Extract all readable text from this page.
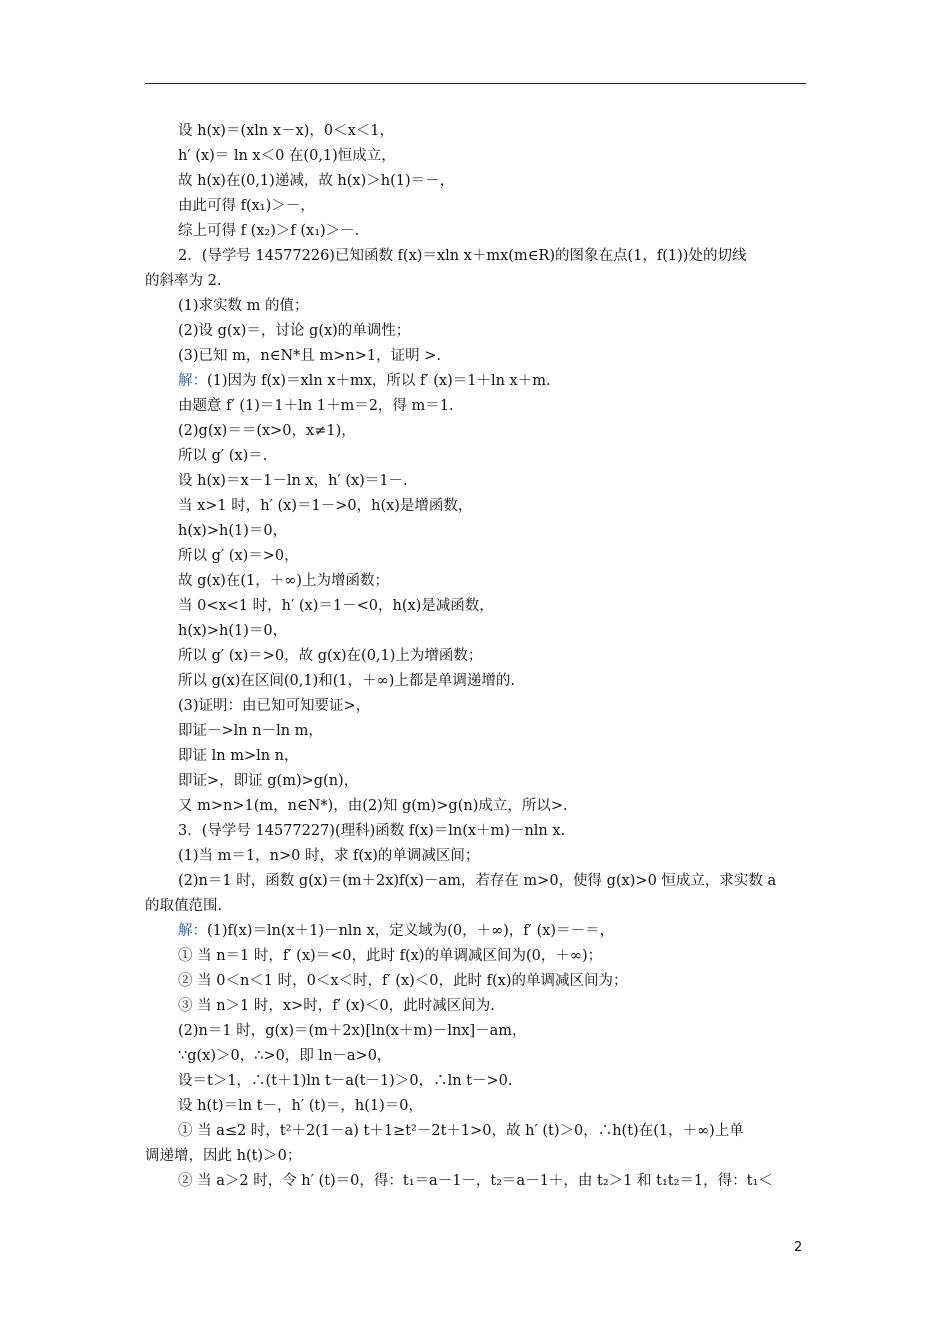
设 h(x)＝(xln x－x)，0＜x＜1，
h′ (x)＝ ln x＜0 在(0,1)恒成立，
故 h(x)在(0,1)递减，故 h(x)＞h(1)＝－，
由此可得 f(x₁)＞－，
综上可得 f (x₂)＞f (x₁)＞－.
2．(导学号 14577226)已知函数 f(x)＝xln x＋mx(m∈R)的图象在点(1，f(1))处的切线
的斜率为 2.
(1)求实数 m 的值；
(2)设 g(x)＝，讨论 g(x)的单调性；
(3)已知 m，n∈N*且 m>n>1，证明 >.
解：(1)因为 f(x)＝xln x＋mx，所以 f′ (x)＝1＋ln x＋m.
由题意 f′ (1)＝1＋ln 1＋m＝2，得 m＝1.
(2)g(x)＝＝(x>0，x≠1)，
所以 g′ (x)＝.
设 h(x)＝x－1－ln x，h′ (x)＝1－.
当 x>1 时，h′ (x)＝1－>0，h(x)是增函数，
h(x)>h(1)＝0，
所以 g′ (x)＝>0，
故 g(x)在(1，＋∞)上为增函数；
当 0<x<1 时，h′ (x)＝1－<0，h(x)是减函数，
h(x)>h(1)＝0，
所以 g′ (x)＝>0，故 g(x)在(0,1)上为增函数；
所以 g(x)在区间(0,1)和(1，＋∞)上都是单调递增的.
(3)证明：由已知可知要证>，
即证－>ln n－ln m，
即证 ln m>ln n，
即证>，即证 g(m)>g(n)，
又 m>n>1(m，n∈N*)，由(2)知 g(m)>g(n)成立，所以>.
3．(导学号 14577227)(理科)函数 f(x)＝ln(x＋m)－nln x.
(1)当 m＝1，n>0 时，求 f(x)的单调减区间；
(2)n＝1 时，函数 g(x)＝(m＋2x)f(x)－am，若存在 m>0，使得 g(x)>0 恒成立，求实数 a
的取值范围.
解：(1)f(x)＝ln(x＋1)－nln x，定义域为(0，＋∞)，f′ (x)＝－＝，
① 当 n＝1 时，f′ (x)＝<0，此时 f(x)的单调减区间为(0，＋∞)；
② 当 0＜n＜1 时，0＜x＜时，f′ (x)＜0，此时 f(x)的单调减区间为；
③ 当 n＞1 时，x>时，f′ (x)＜0，此时减区间为.
(2)n＝1 时，g(x)＝(m＋2x)[ln(x＋m)－lnx]－am，
∵g(x)＞0，∴>0，即 ln－a>0，
设＝t＞1，∴(t＋1)ln t－a(t－1)＞0，∴ln t－>0.
设 h(t)＝ln t－，h′ (t)＝，h(1)＝0，
① 当 a≤2 时，t²＋2(1－a) t＋1≥t²－2t＋1>0，故 h′ (t)＞0，∴h(t)在(1，＋∞)上单
调递增，因此 h(t)＞0；
② 当 a＞2 时，令 h′ (t)＝0，得：t₁＝a－1－，t₂＝a－1＋，由 t₂＞1 和 t₁t₂＝1，得：t₁＜
2
